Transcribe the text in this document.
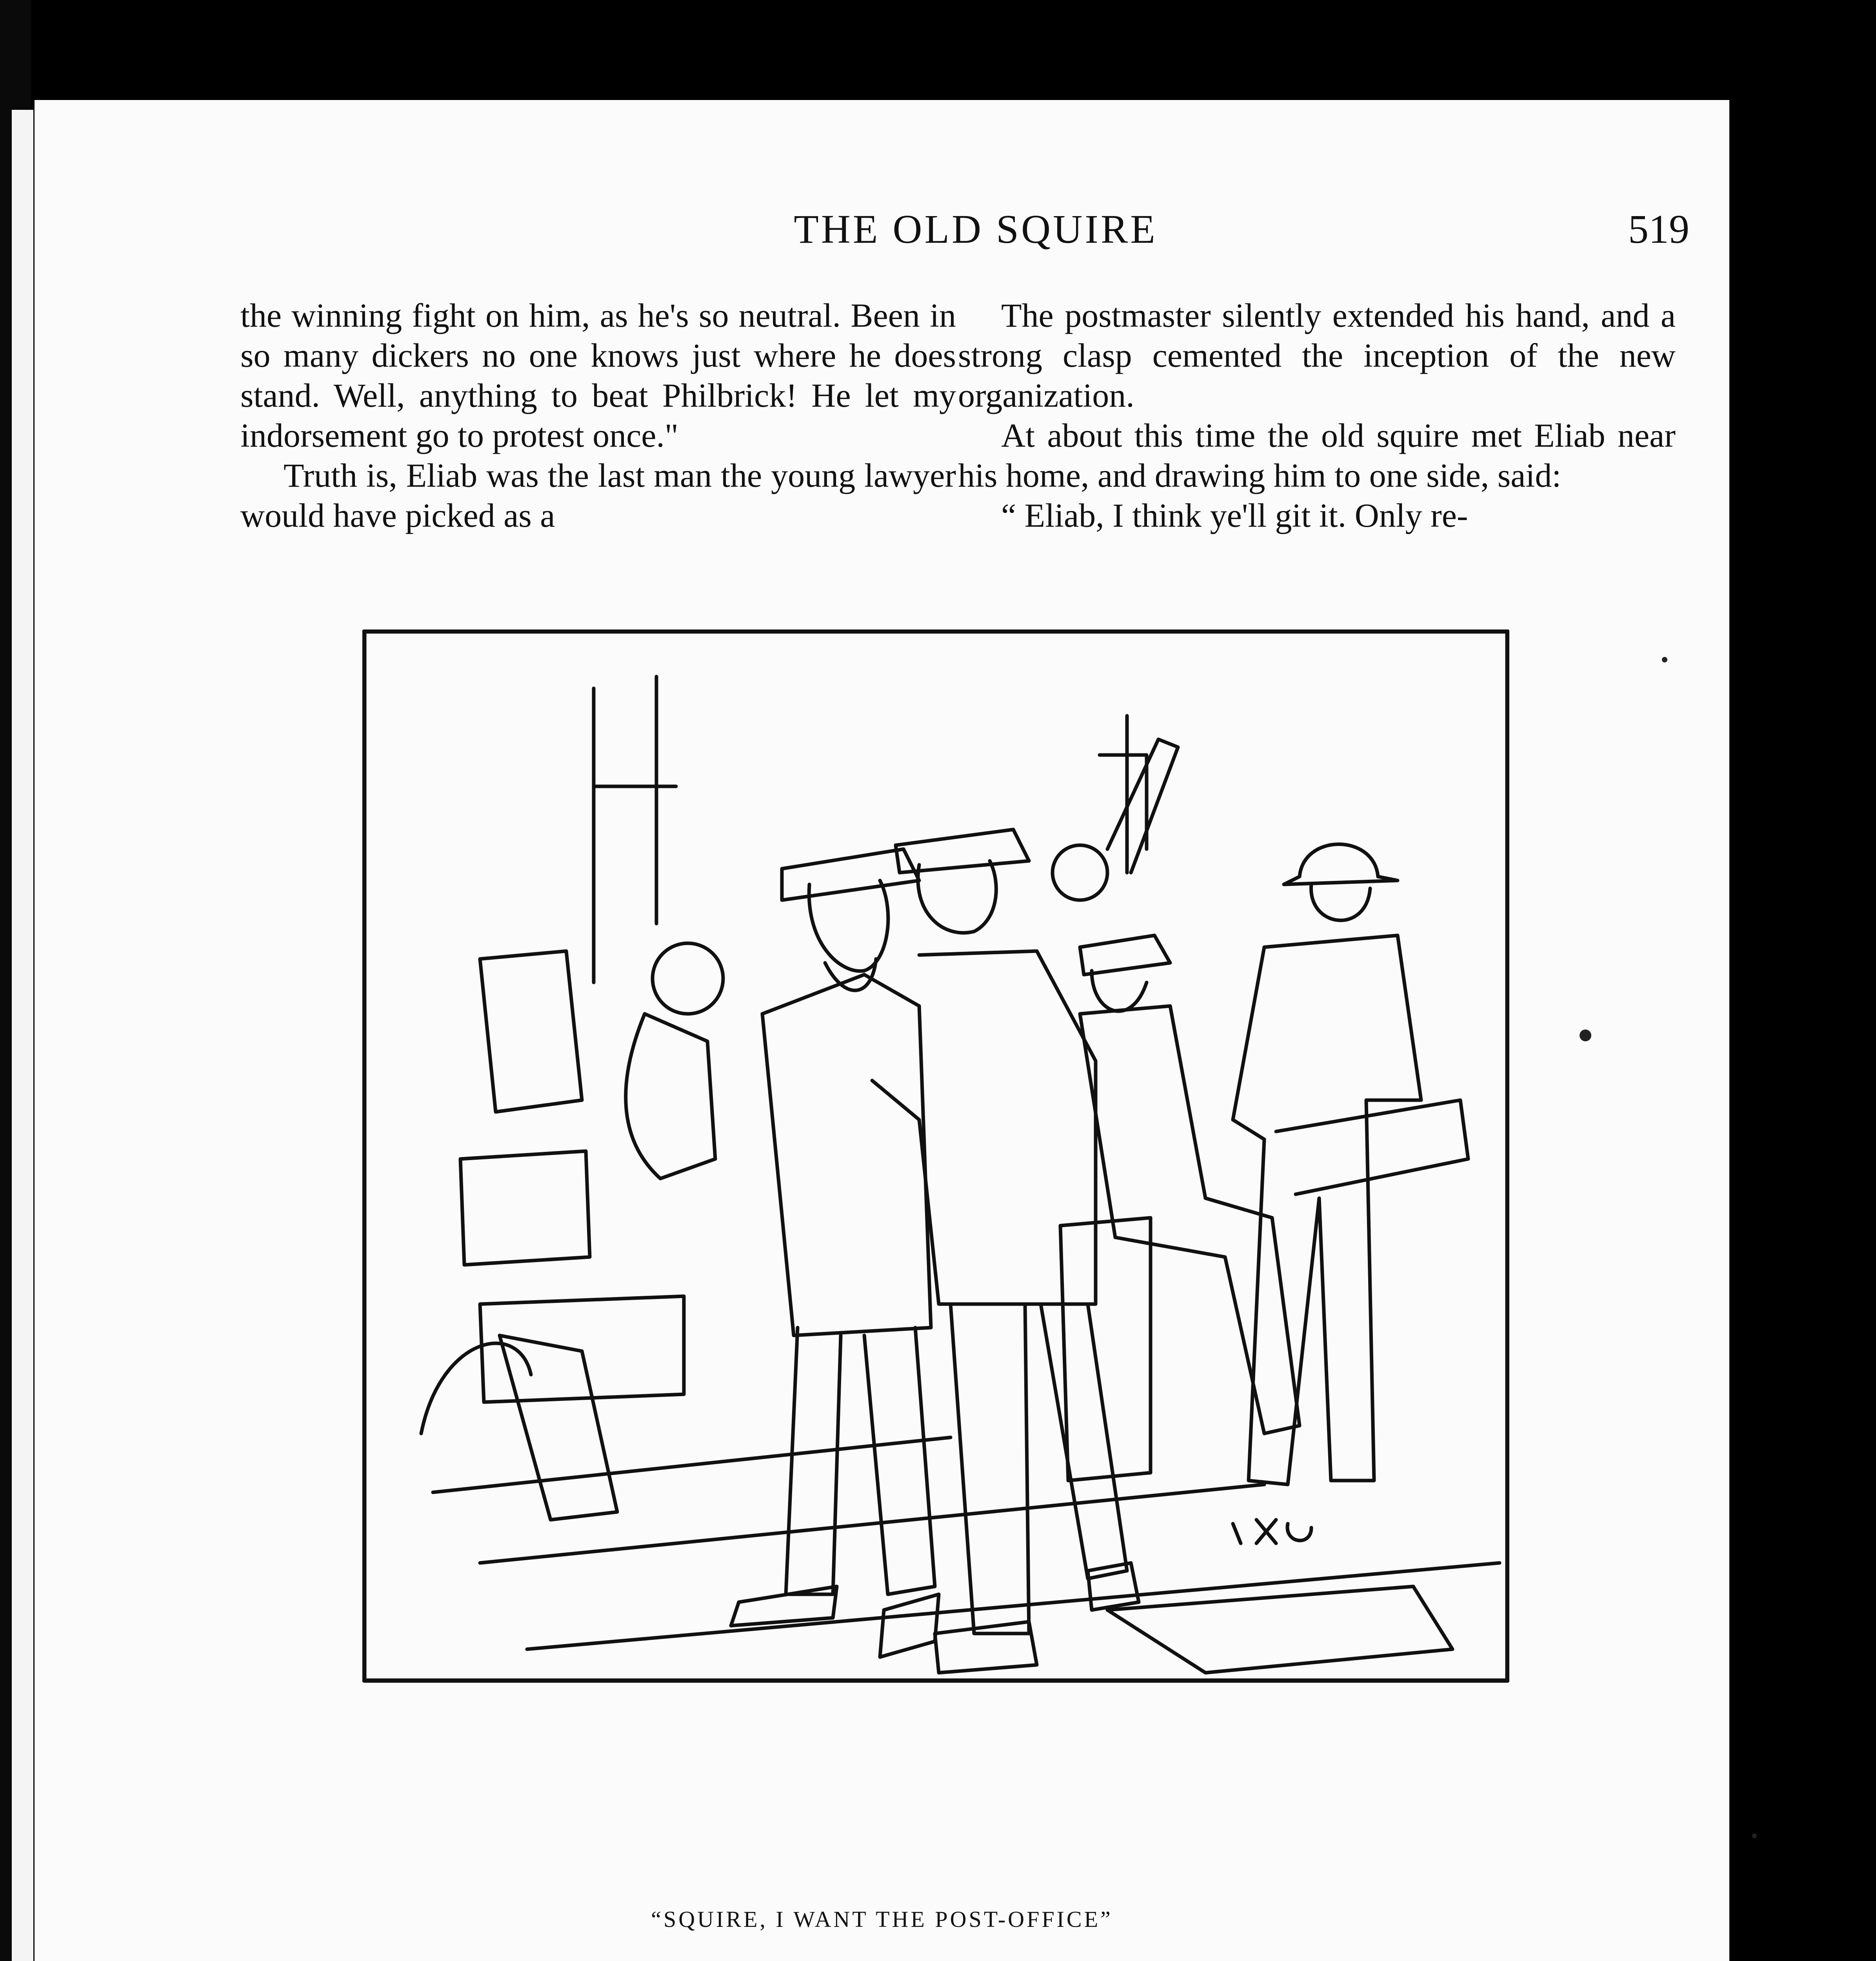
THE OLD SQUIRE	519

the winning fight on him, as he's so neutral. Been in so many dickers no one knows just where he does stand. Well, anything to beat Philbrick! He let my indorsement go to protest once."

Truth is, Eliab was the last man the young lawyer would have picked as a

The postmaster silently extended his hand, and a strong clasp cemented the inception of the new organization.

At about this time the old squire met Eliab near his home, and drawing him to one side, said:

“ Eliab, I think ye'll git it. Only re-

J.X.G
“SQUIRE, I WANT THE POST-OFFICE”
